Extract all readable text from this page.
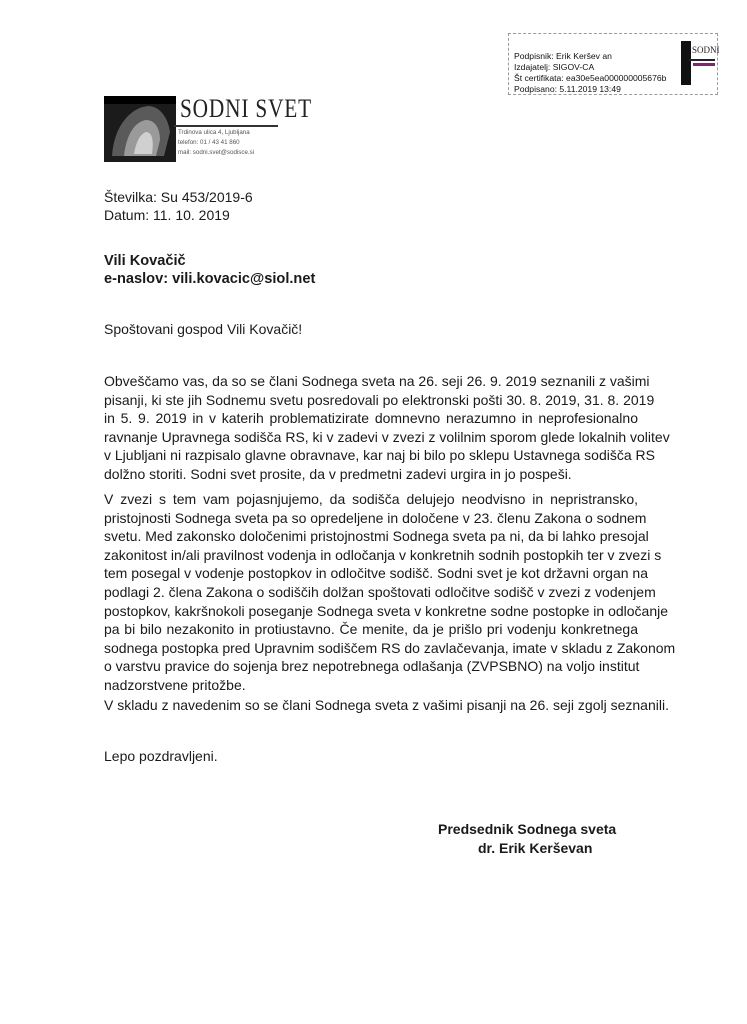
Podpisnik: Erik Keršev an
Izdajatelj: SIGOV-CA
Št certifikata: ea30e5ea000000005676b
Podpisano: 5.11.2019 13:49
SODNI
SODNI SVET
Trdinova ulica 4, Ljubljana
telefon: 01 / 43 41 860
mail: sodni.svet@sodisce.si
Številka: Su 453/2019-6
Datum: 11. 10. 2019
Vili Kovačič
e-naslov: vili.kovacic@siol.net
Spoštovani gospod Vili Kovačič!
Obveščamo vas, da so se člani Sodnega sveta na 26. seji 26. 9. 2019 seznanili z vašimi
pisanji, ki ste jih Sodnemu svetu posredovali po elektronski pošti 30. 8. 2019, 31. 8. 2019
in 5. 9. 2019 in v katerih problematizirate domnevno nerazumno in neprofesionalno
ravnanje Upravnega sodišča RS, ki v zadevi v zvezi z volilnim sporom glede lokalnih volitev
v Ljubljani ni razpisalo glavne obravnave, kar naj bi bilo po sklepu Ustavnega sodišča RS
dolžno storiti. Sodni svet prosite, da v predmetni zadevi urgira in jo pospeši.
V zvezi s tem vam pojasnjujemo, da sodišča delujejo neodvisno in nepristransko,
pristojnosti Sodnega sveta pa so opredeljene in določene v 23. členu Zakona o sodnem
svetu. Med zakonsko določenimi pristojnostmi Sodnega sveta pa ni, da bi lahko presojal
zakonitost in/ali pravilnost vodenja in odločanja v konkretnih sodnih postopkih ter v zvezi s
tem posegal v vodenje postopkov in odločitve sodišč. Sodni svet je kot državni organ na
podlagi 2. člena Zakona o sodiščih dolžan spoštovati odločitve sodišč v zvezi z vodenjem
postopkov, kakršnokoli poseganje Sodnega sveta v konkretne sodne postopke in odločanje
pa bi bilo nezakonito in protiustavno. Če menite, da je prišlo pri vodenju konkretnega
sodnega postopka pred Upravnim sodiščem RS do zavlačevanja, imate v skladu z Zakonom
o varstvu pravice do sojenja brez nepotrebnega odlašanja (ZVPSBNO) na voljo institut
nadzorstvene pritožbe.
V skladu z navedenim so se člani Sodnega sveta z vašimi pisanji na 26. seji zgolj seznanili.
Lepo pozdravljeni.
Predsednik Sodnega sveta
dr. Erik Kerševan
